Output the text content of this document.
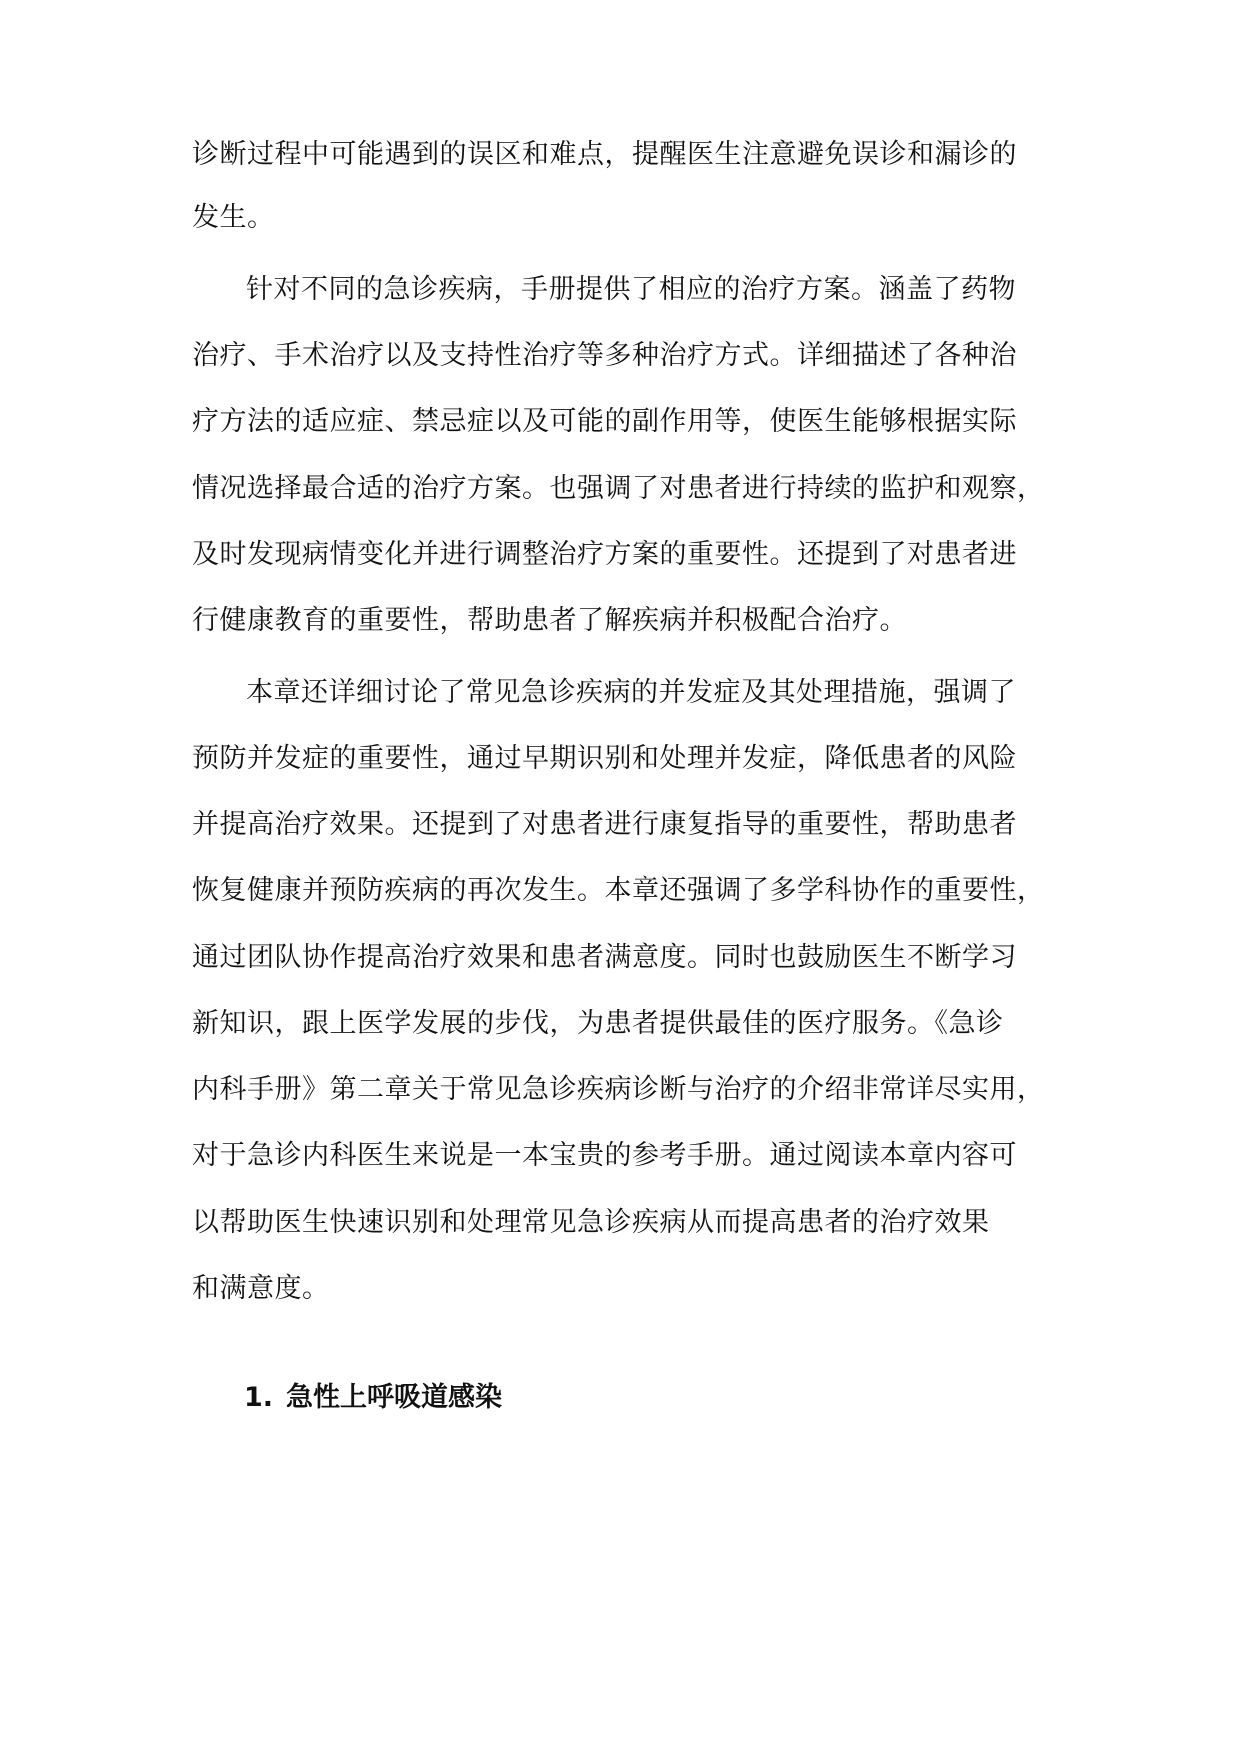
诊断过程中可能遇到的误区和难点，提醒医生注意避免误诊和漏诊的
发生。
针对不同的急诊疾病，手册提供了相应的治疗方案。涵盖了药物
治疗、手术治疗以及支持性治疗等多种治疗方式。详细描述了各种治
疗方法的适应症、禁忌症以及可能的副作用等，使医生能够根据实际
情况选择最合适的治疗方案。也强调了对患者进行持续的监护和观察，
及时发现病情变化并进行调整治疗方案的重要性。还提到了对患者进
行健康教育的重要性，帮助患者了解疾病并积极配合治疗。
本章还详细讨论了常见急诊疾病的并发症及其处理措施，强调了
预防并发症的重要性，通过早期识别和处理并发症，降低患者的风险
并提高治疗效果。还提到了对患者进行康复指导的重要性，帮助患者
恢复健康并预防疾病的再次发生。本章还强调了多学科协作的重要性，
通过团队协作提高治疗效果和患者满意度。同时也鼓励医生不断学习
新知识，跟上医学发展的步伐，为患者提供最佳的医疗服务。《急诊
内科手册》第二章关于常见急诊疾病诊断与治疗的介绍非常详尽实用，
对于急诊内科医生来说是一本宝贵的参考手册。通过阅读本章内容可
以帮助医生快速识别和处理常见急诊疾病从而提高患者的治疗效果
和满意度。
1. 急性上呼吸道感染
